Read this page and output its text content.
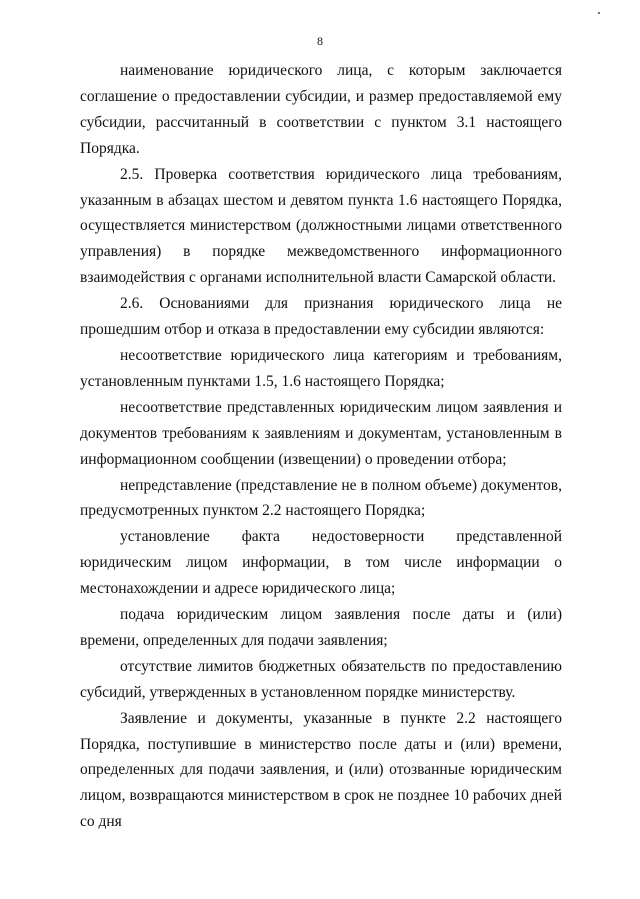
8

наименование юридического лица, с которым заключается соглашение о предоставлении субсидии, и размер предоставляемой ему субсидии, рассчитанный в соответствии с пунктом 3.1 настоящего Порядка.

2.5. Проверка соответствия юридического лица требованиям, указанным в абзацах шестом и девятом пункта 1.6 настоящего Порядка, осуществляется министерством (должностными лицами ответственного управления) в порядке межведомственного информационного взаимодействия с органами исполнительной власти Самарской области.

2.6. Основаниями для признания юридического лица не прошедшим отбор и отказа в предоставлении ему субсидии являются:

несоответствие юридического лица категориям и требованиям, установленным пунктами 1.5, 1.6 настоящего Порядка;

несоответствие представленных юридическим лицом заявления и документов требованиям к заявлениям и документам, установленным в информационном сообщении (извещении) о проведении отбора;

непредставление (представление не в полном объеме) документов, предусмотренных пунктом 2.2 настоящего Порядка;

установление факта недостоверности представленной юридическим лицом информации, в том числе информации о местонахождении и адресе юридического лица;

подача юридическим лицом заявления после даты и (или) времени, определенных для подачи заявления;

отсутствие лимитов бюджетных обязательств по предоставлению субсидий, утвержденных в установленном порядке министерству.

Заявление и документы, указанные в пункте 2.2 настоящего Порядка, поступившие в министерство после даты и (или) времени, определенных для подачи заявления, и (или) отозванные юридическим лицом, возвращаются министерством в срок не позднее 10 рабочих дней со дня
